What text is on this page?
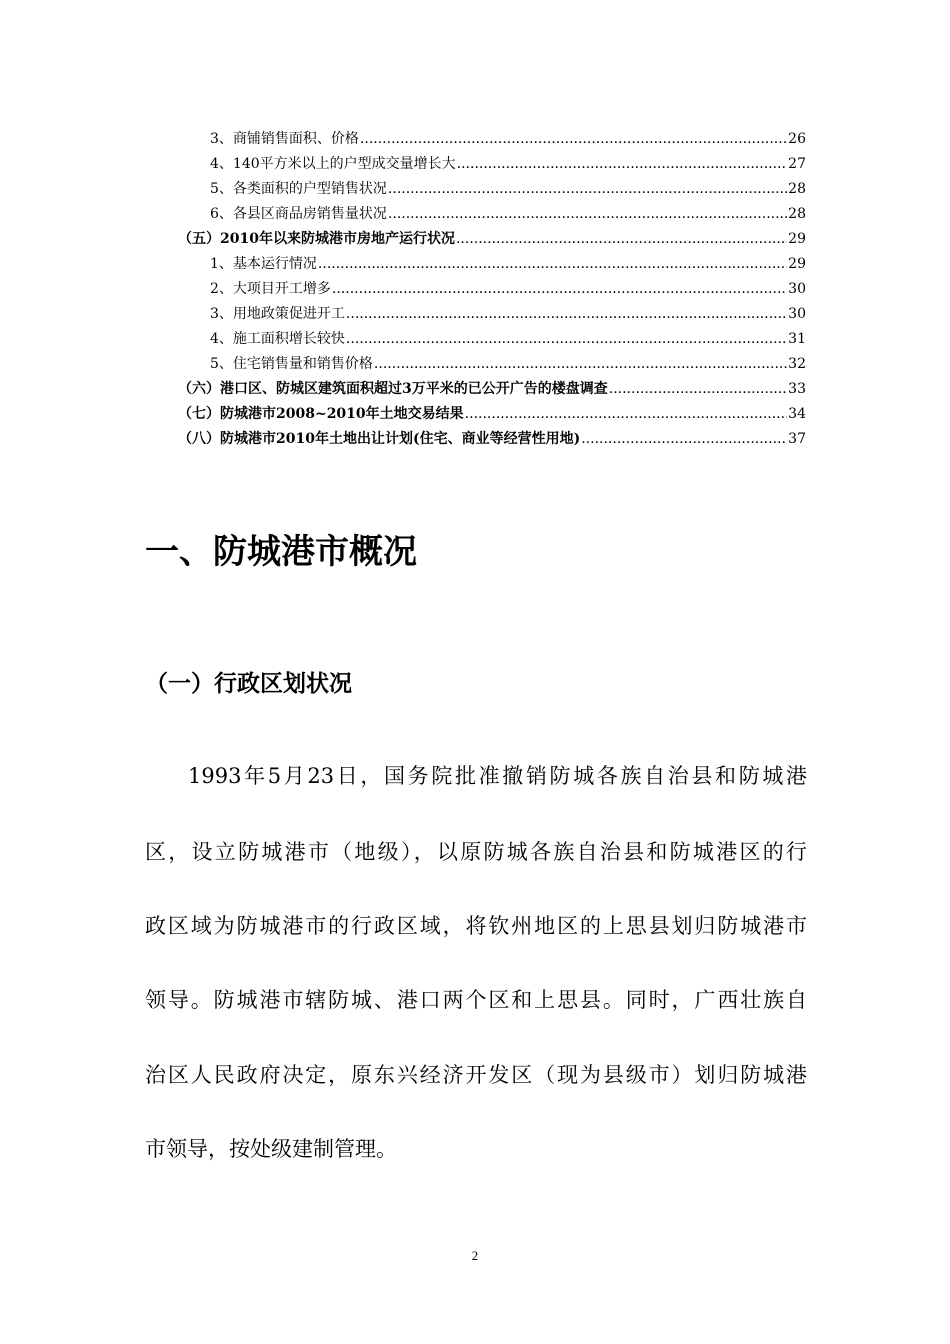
3、商铺销售面积、价格 .....	26
4、140平方米以上的户型成交量增长大 .....	27
5、各类面积的户型销售状况 .....	28
6、各县区商品房销售量状况 .....	28
（五）2010年以来防城港市房地产运行状况 .....	29
1、基本运行情况 .....	29
2、大项目开工增多 .....	30
3、用地政策促进开工 .....	30
4、施工面积增长较快 .....	31
5、住宅销售量和销售价格 .....	32
（六）港口区、防城区建筑面积超过3万平米的已公开广告的楼盘调查 .....	33
（七）防城港市2008~2010年土地交易结果 .....	34
（八）防城港市2010年土地出让计划(住宅、商业等经营性用地) .....	37
一、防城港市概况
（一）行政区划状况
1993年5月23日，国务院批准撤销防城各族自治县和防城港
区，设立防城港市（地级），以原防城各族自治县和防城港区的行
政区域为防城港市的行政区域，将钦州地区的上思县划归防城港市
领导。防城港市辖防城、港口两个区和上思县。同时，广西壮族自
治区人民政府决定，原东兴经济开发区（现为县级市）划归防城港
市领导，按处级建制管理。
2
